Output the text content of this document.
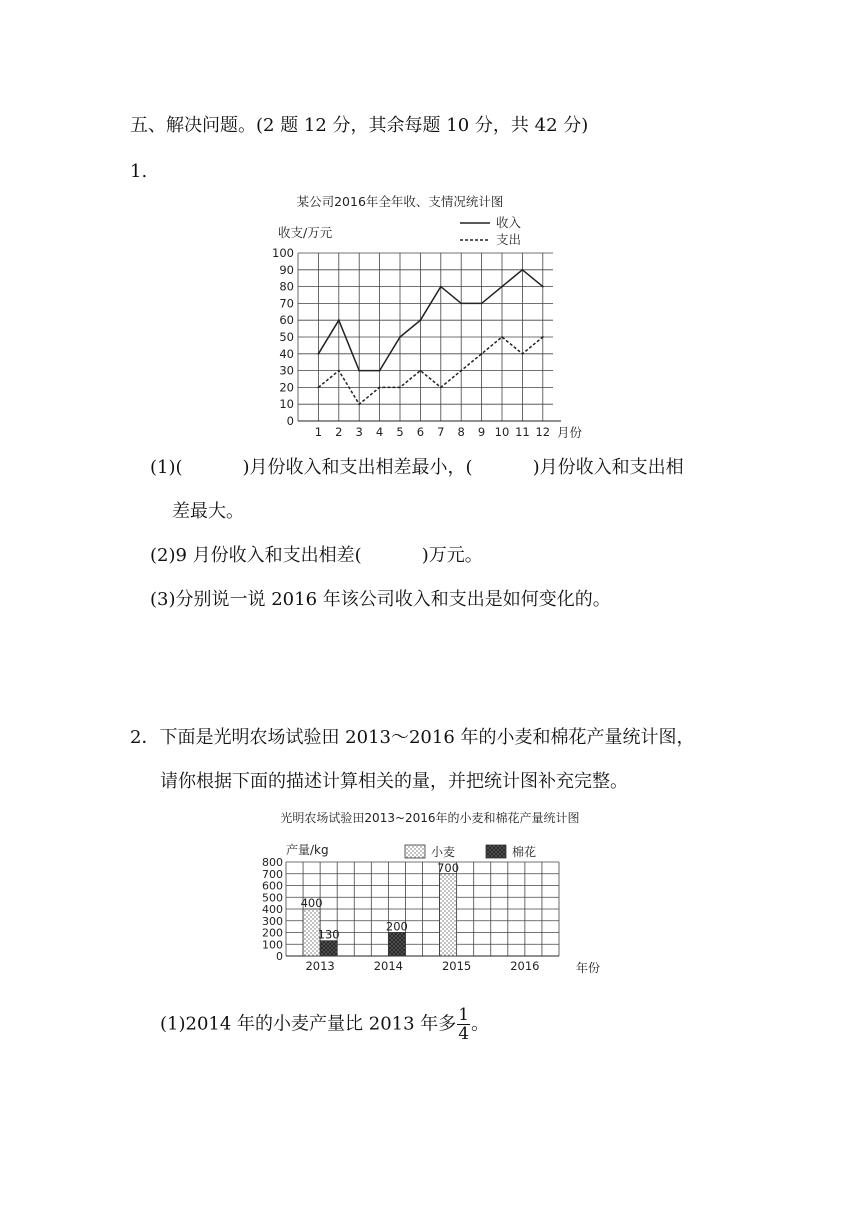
五、解决问题。(2 题 12 分，其余每题 10 分，共 42 分)
1.
某公司2016年全年收、支情况统计图
收支/万元
收入
支出
月份
0
10
20
30
40
50
60
70
80
90
100
1 2 3 4 5 6 7 8 9 10 11 12
(1)(	)月份收入和支出相差最小，(	)月份收入和支出相
差最大。
(2)9 月份收入和支出相差(	)万元。
(3)分别说一说 2016 年该公司收入和支出是如何变化的。
2．下面是光明农场试验田 2013～2016 年的小麦和棉花产量统计图，
请你根据下面的描述计算相关的量，并把统计图补充完整。
光明农场试验田2013~2016年的小麦和棉花产量统计图
产量/kg	小麦	棉花
年份
0
100
200
300
400
500
600
700
800
2013	2014	2015	2016
400
130
200
700
(1)2014 年的小麦产量比 2013 年多 $\frac{1}{4}$ 。
